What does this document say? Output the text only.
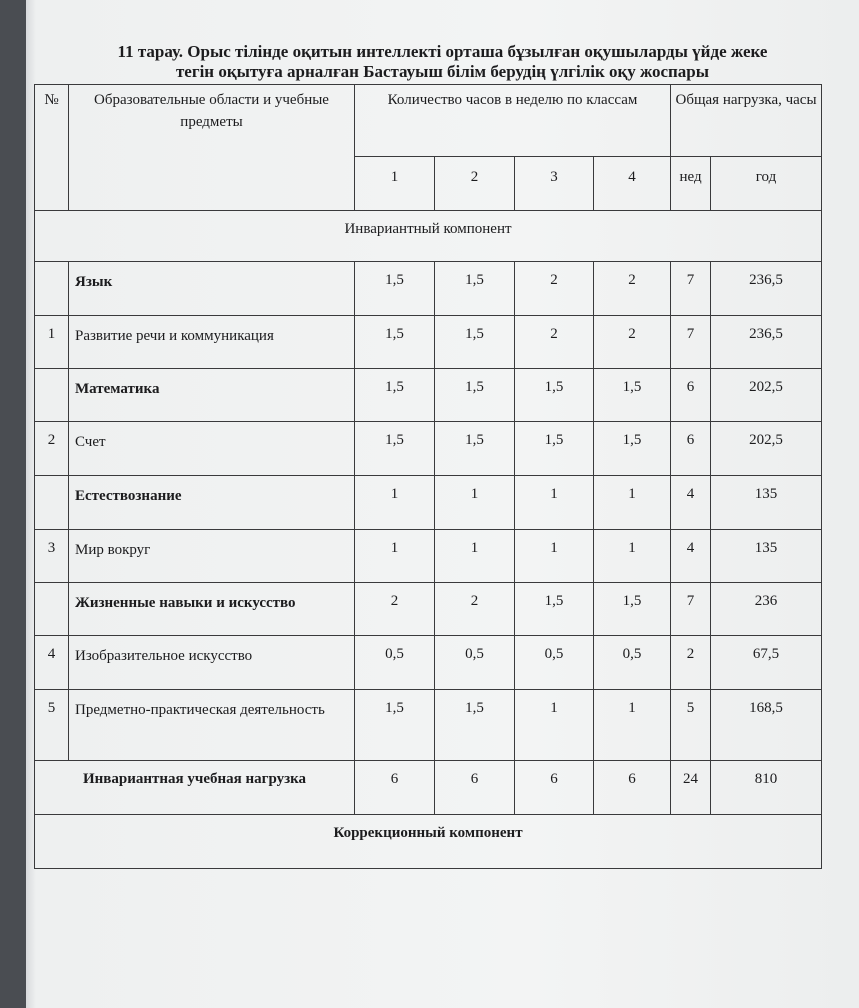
11 тарау. Орыс тілінде оқитын интеллекті орташа бұзылған оқушыларды үйде жеке
тегін оқытуға арналған Бастауыш білім берудің үлгілік оқу жоспары
№	Образовательные области и учебные предметы	Количество часов в неделю по классам				Общая нагрузка, часы	
		1	2	3	4	нед	год
Инвариантный компонент							
	Язык	1,5	1,5	2	2	7	236,5
1	Развитие речи и коммуникация	1,5	1,5	2	2	7	236,5
	Математика	1,5	1,5	1,5	1,5	6	202,5
2	Счет	1,5	1,5	1,5	1,5	6	202,5
	Естествознание	1	1	1	1	4	135
3	Мир вокруг	1	1	1	1	4	135
	Жизненные навыки и искусство	2	2	1,5	1,5	7	236
4	Изобразительное искусство	0,5	0,5	0,5	0,5	2	67,5
5	Предметно-практическая деятельность	1,5	1,5	1	1	5	168,5
Инвариантная учебная нагрузка		6	6	6	6	24	810
Коррекционный компонент							
